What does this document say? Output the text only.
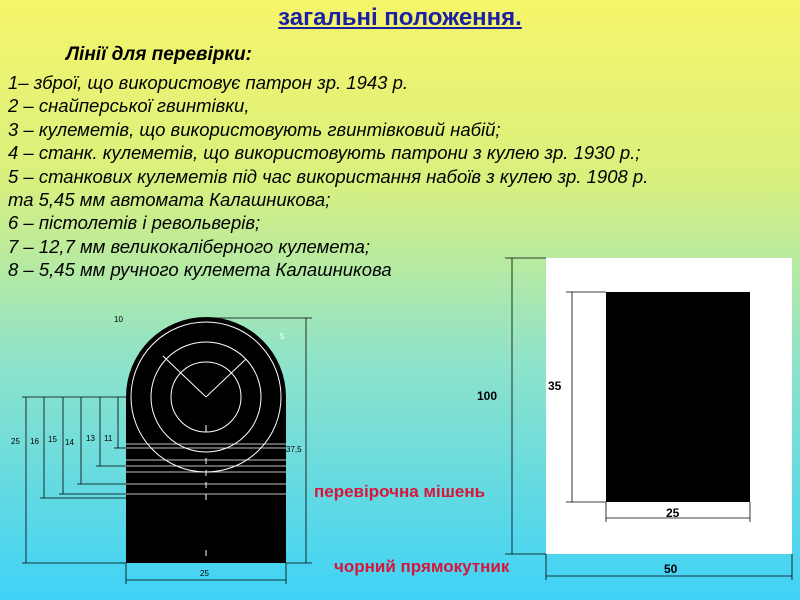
загальні положення.
Лінії для перевірки:
1– зброї, що використовує патрон зр. 1943 р.
2 – снайперської гвинтівки,
3 – кулеметів, що використовують гвинтівковий набій;
4 – станк. кулеметів, що використовують патрони з кулею зр. 1930 р.;
5 – станкових кулеметів під час використання набоїв з кулею зр. 1908 р.
та 5,45 мм автомата Калашникова;
6 – пістолетів і револьверів;
7 – 12,7 мм великокаліберного кулемета;
8 – 5,45 мм ручного кулемета Калашникова
10
5
37,5
25
25 16 15 14 13 11
100
35
25
50
перевірочна мішень
чорний прямокутник
